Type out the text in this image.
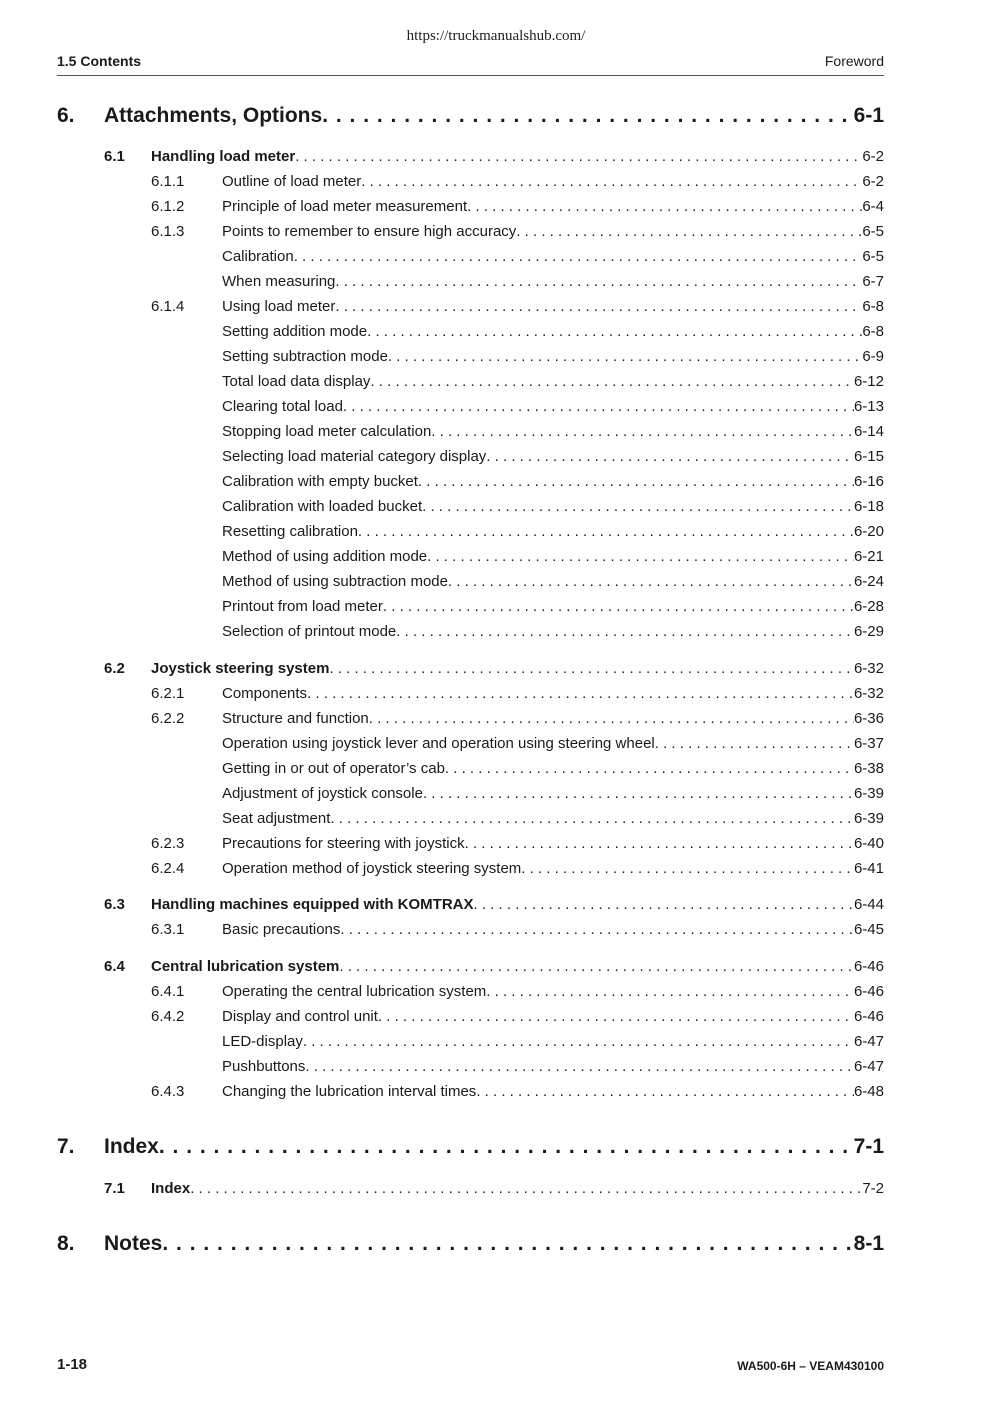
https://truckmanualshub.com/
1.5 Contents	Foreword
6. Attachments, Options . . .	6-1
6.1 Handling load meter . . .	6-2
6.1.1	Outline of load meter . . .	6-2
6.1.2	Principle of load meter measurement . . .	6-4
6.1.3	Points to remember to ensure high accuracy . . .	6-5
Calibration . . .	6-5
When measuring . . .	6-7
6.1.4	Using load meter . . .	6-8
Setting addition mode . . .	6-8
Setting subtraction mode . . .	6-9
Total load data display . . .	6-12
Clearing total load . . .	6-13
Stopping load meter calculation . . .	6-14
Selecting load material category display . . .	6-15
Calibration with empty bucket . . .	6-16
Calibration with loaded bucket . . .	6-18
Resetting calibration . . .	6-20
Method of using addition mode . . .	6-21
Method of using subtraction mode . . .	6-24
Printout from load meter . . .	6-28
Selection of printout mode . . .	6-29
6.2 Joystick steering system . . .	6-32
6.2.1	Components . . .	6-32
6.2.2	Structure and function . . .	6-36
Operation using joystick lever and operation using steering wheel . . .	6-37
Getting in or out of operator’s cab . . .	6-38
Adjustment of joystick console . . .	6-39
Seat adjustment . . .	6-39
6.2.3	Precautions for steering with joystick . . .	6-40
6.2.4	Operation method of joystick steering system . . .	6-41
6.3 Handling machines equipped with KOMTRAX . . .	6-44
6.3.1	Basic precautions . . .	6-45
6.4 Central lubrication system . . .	6-46
6.4.1	Operating the central lubrication system . . .	6-46
6.4.2	Display and control unit . . .	6-46
LED-display . . .	6-47
Pushbuttons . . .	6-47
6.4.3	Changing the lubrication interval times . . .	6-48
7. Index . . .	7-1
7.1 Index . . .	7-2
8. Notes . . .	8-1
1-18	WA500-6H – VEAM430100
